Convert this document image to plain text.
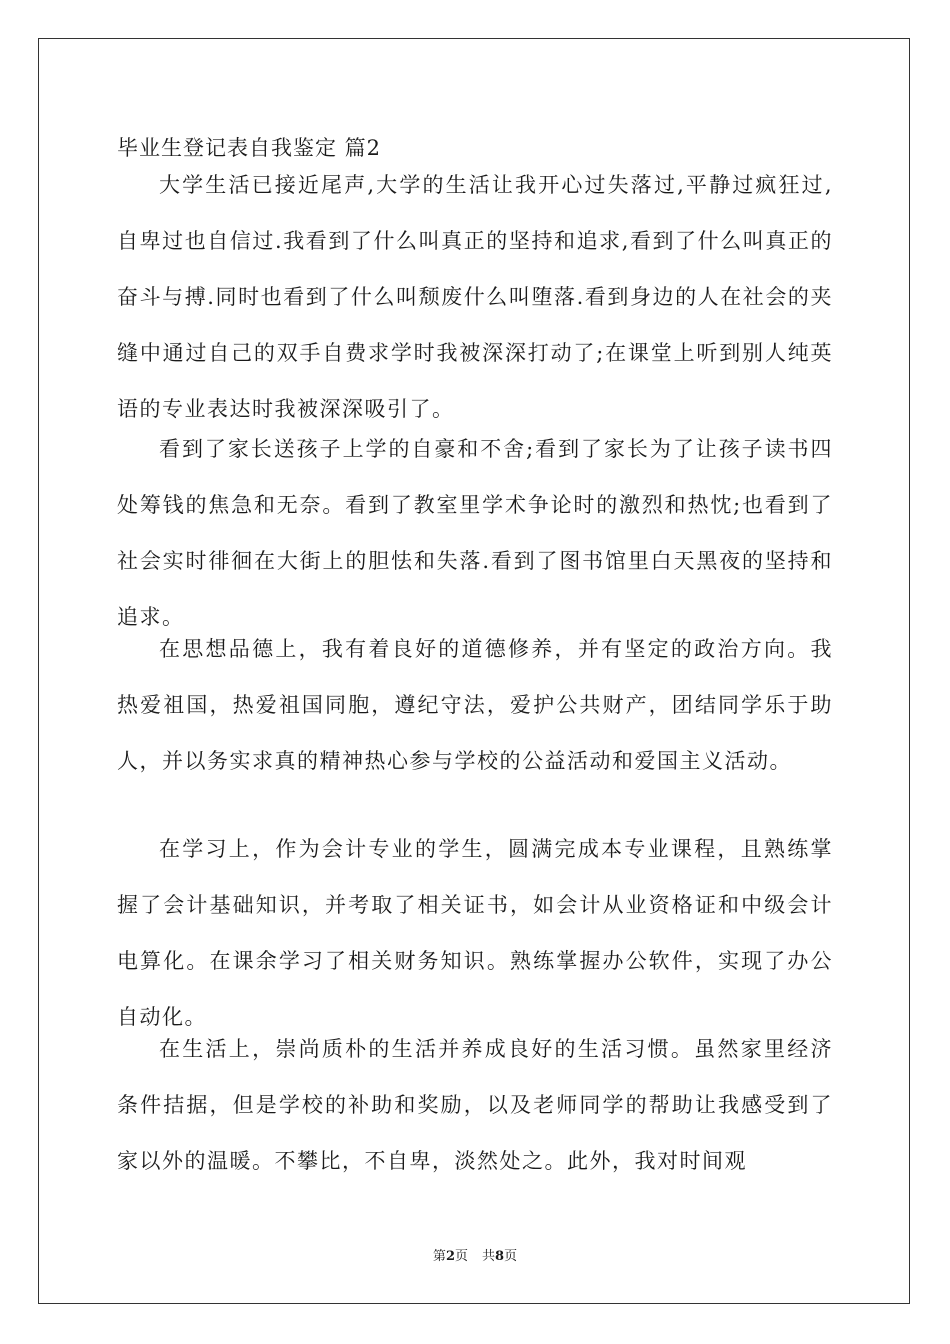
毕业生登记表自我鉴定 篇2

大学生活已接近尾声,大学的生活让我开心过失落过,平静过疯狂过,自卑过也自信过.我看到了什么叫真正的坚持和追求,看到了什么叫真正的奋斗与搏.同时也看到了什么叫颓废什么叫堕落.看到身边的人在社会的夹缝中通过自己的双手自费求学时我被深深打动了;在课堂上听到别人纯英语的专业表达时我被深深吸引了。

看到了家长送孩子上学的自豪和不舍;看到了家长为了让孩子读书四处筹钱的焦急和无奈。看到了教室里学术争论时的激烈和热忱;也看到了社会实时徘徊在大街上的胆怯和失落.看到了图书馆里白天黑夜的坚持和追求。

在思想品德上，我有着良好的道德修养，并有坚定的政治方向。我热爱祖国，热爱祖国同胞，遵纪守法，爱护公共财产，团结同学乐于助人，并以务实求真的精神热心参与学校的公益活动和爱国主义活动。

在学习上，作为会计专业的学生，圆满完成本专业课程，且熟练掌握了会计基础知识，并考取了相关证书，如会计从业资格证和中级会计电算化。在课余学习了相关财务知识。熟练掌握办公软件，实现了办公自动化。

在生活上，崇尚质朴的生活并养成良好的生活习惯。虽然家里经济条件拮据，但是学校的补助和奖励，以及老师同学的帮助让我感受到了家以外的温暖。不攀比，不自卑，淡然处之。此外，我对时间观

第2页 共8页
